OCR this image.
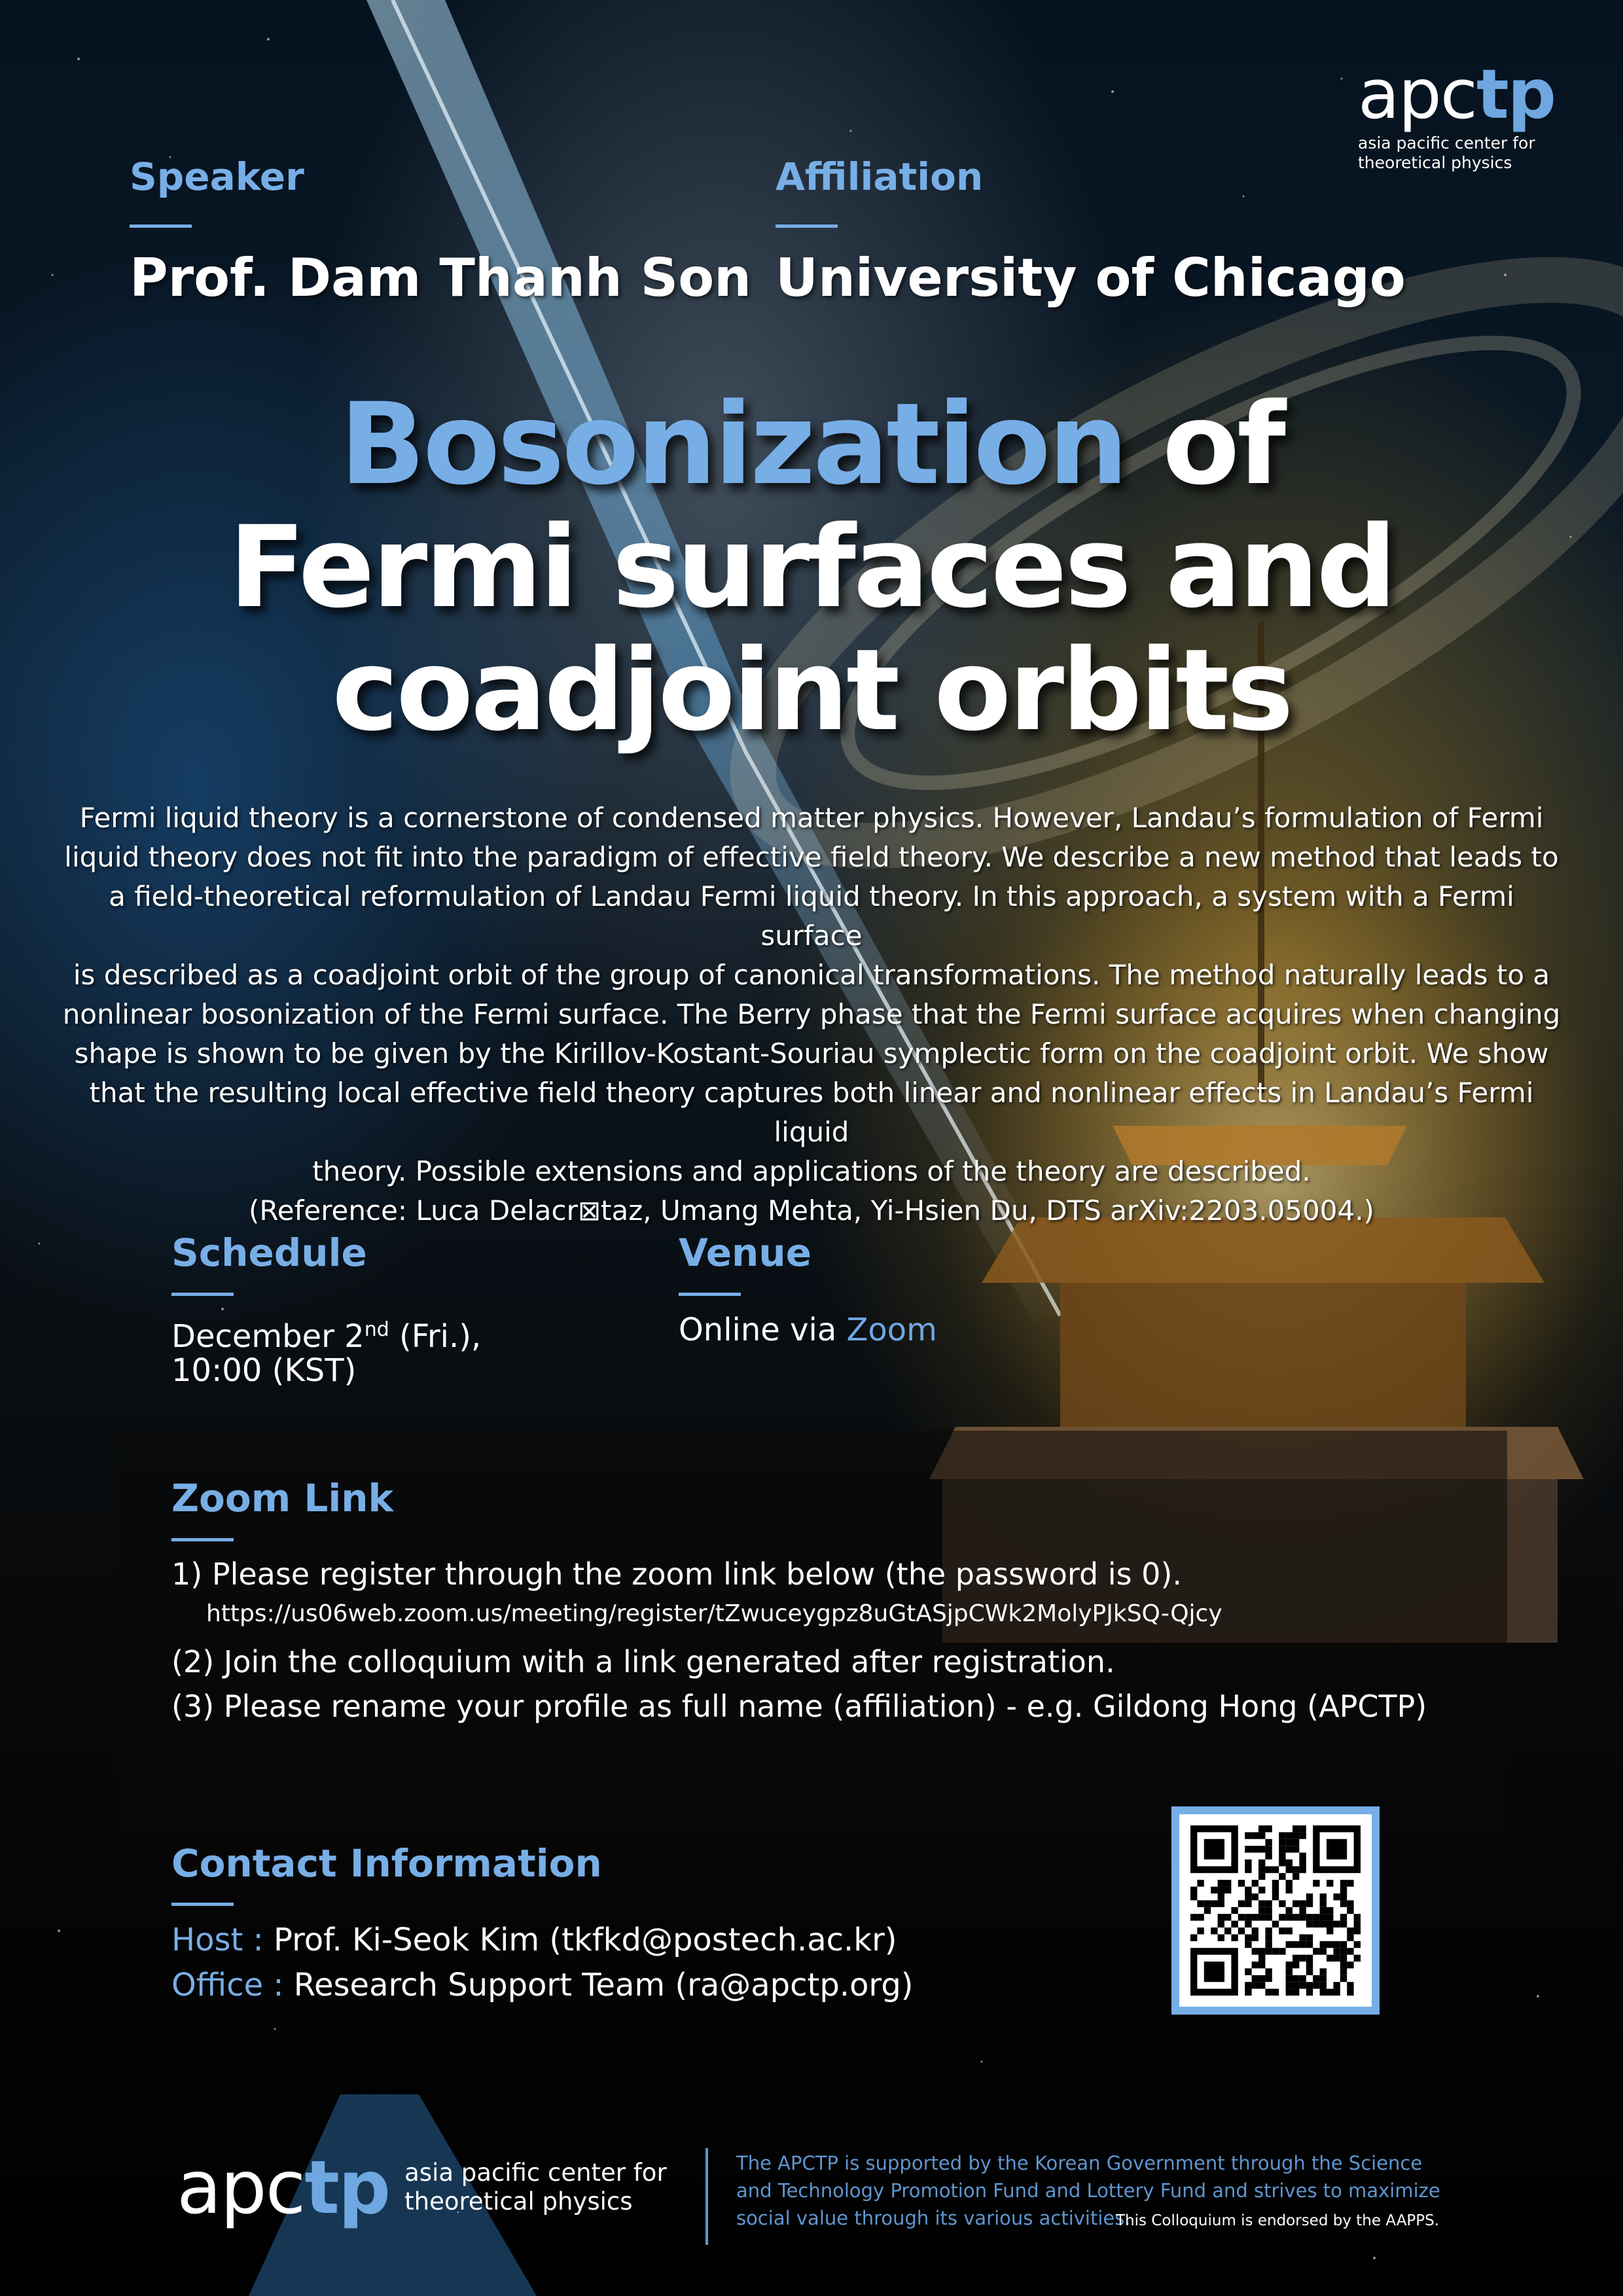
apctp
asia pacific center for
theoretical physics
Speaker
Prof. Dam Thanh Son
Affiliation
University of Chicago
Bosonization of
Fermi surfaces and
coadjoint orbits
Fermi liquid theory is a cornerstone of condensed matter physics. However, Landau’s formulation of Fermi
liquid theory does not fit into the paradigm of effective field theory. We describe a new method that leads to
a field-theoretical reformulation of Landau Fermi liquid theory. In this approach, a system with a Fermi surface
is described as a coadjoint orbit of the group of canonical transformations. The method naturally leads to a
nonlinear bosonization of the Fermi surface. The Berry phase that the Fermi surface acquires when changing
shape is shown to be given by the Kirillov-Kostant-Souriau symplectic form on the coadjoint orbit. We show
that the resulting local effective field theory captures both linear and nonlinear effects in Landau’s Fermi liquid
theory. Possible extensions and applications of the theory are described.
(Reference: Luca Delacr⊠taz, Umang Mehta, Yi-Hsien Du, DTS arXiv:2203.05004.)
Schedule
December 2nd (Fri.),
10:00 (KST)
Venue
Online via Zoom
Zoom Link
1) Please register through the zoom link below (the password is 0).
https://us06web.zoom.us/meeting/register/tZwuceygpz8uGtASjpCWk2MolyPJkSQ-Qjcy
(2) Join the colloquium with a link generated after registration.
(3) Please rename your profile as full name (affiliation) - e.g. Gildong Hong (APCTP)
Contact Information
Host : Prof. Ki-Seok Kim (tkfkd@postech.ac.kr)
Office : Research Support Team (ra@apctp.org)
apctp asia pacific center for
theoretical physics
The APCTP is supported by the Korean Government through the Science and Technology Promotion Fund and Lottery Fund and strives to maximize social value through its various activities.
This Colloquium is endorsed by the AAPPS.
